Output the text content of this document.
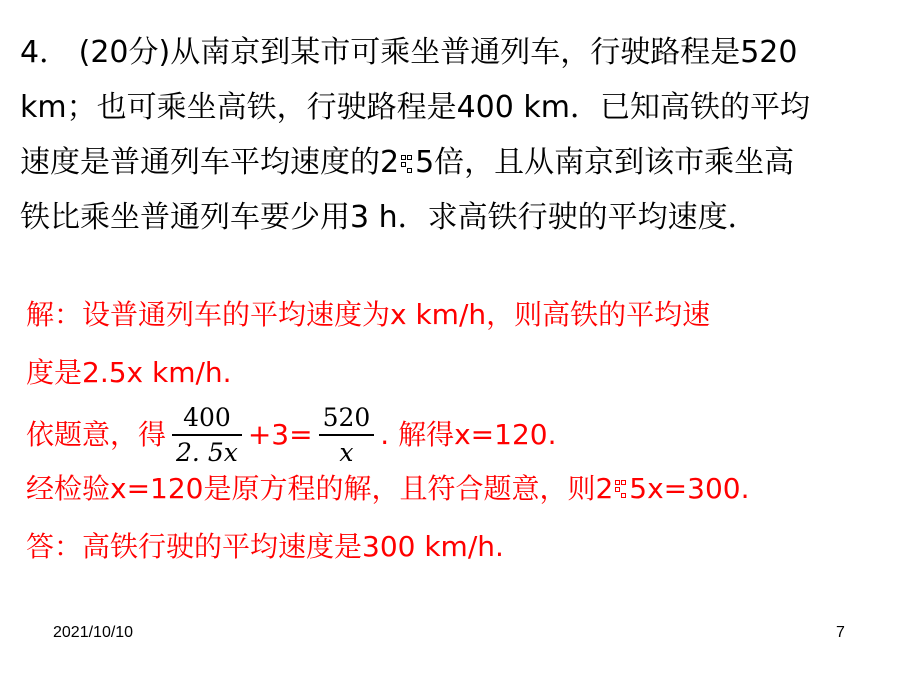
4． (20分)从南京到某市可乘坐普通列车，行驶路程是520
km；也可乘坐高铁，行驶路程是400 km．已知高铁的平均
速度是普通列车平均速度的2 5倍，且从南京到该市乘坐高
铁比乘坐普通列车要少用3 h．求高铁行驶的平均速度．
解：设普通列车的平均速度为x km/h，则高铁的平均速
度是2.5x km/h.
依题意，得 $\frac{400}{2. 5x} +3= \frac{520}{x}$ . 解得x=120.
经检验x=120是原方程的解，且符合题意，则2 5x=300.
答：高铁行驶的平均速度是300 km/h.
2021/10/10	7
